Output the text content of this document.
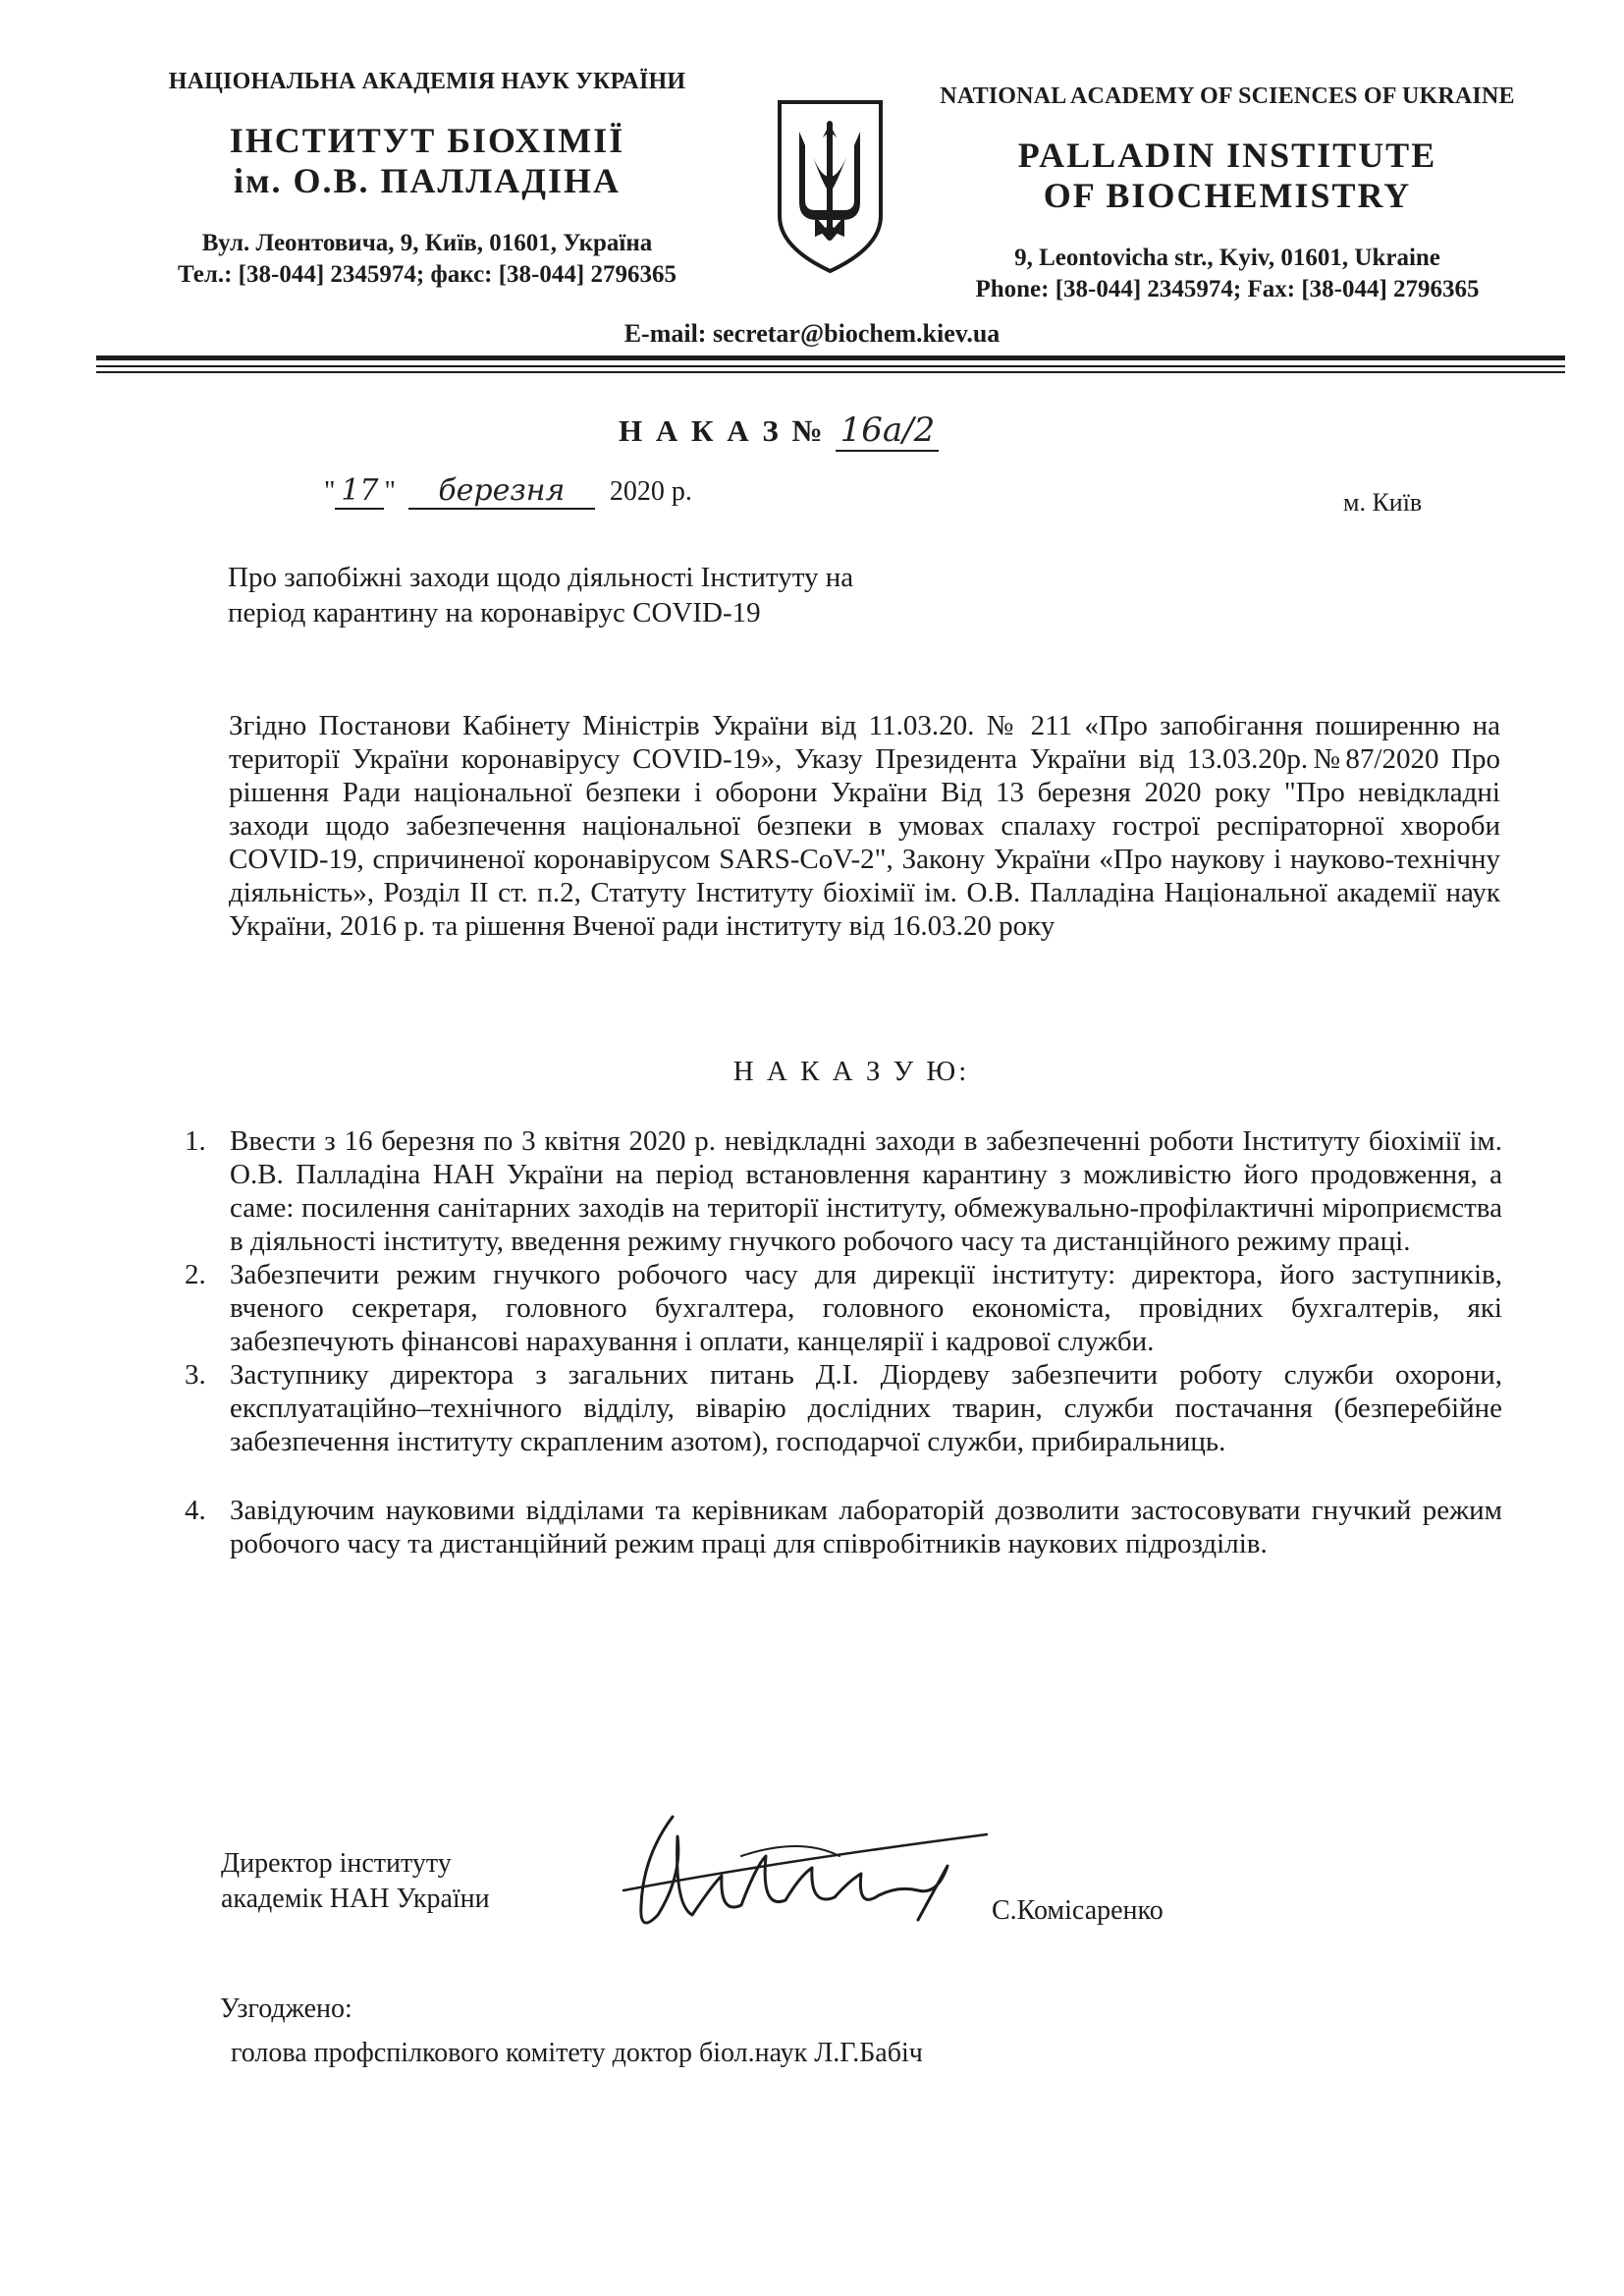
НАЦІОНАЛЬНА АКАДЕМІЯ НАУК УКРАЇНИ
ІНСТИТУТ БІОХІМІЇ
ім. О.В. ПАЛЛАДІНА
Вул. Леонтовича, 9, Київ, 01601, Україна
Тел.: [38-044] 2345974; факс: [38-044] 2796365
NATIONAL ACADEMY OF SCIENCES OF UKRAINE
PALLADIN INSTITUTE
OF BIOCHEMISTRY
9, Leontovicha str., Kyiv, 01601, Ukraine
Phone: [38-044] 2345974; Fax: [38-044] 2796365
E-mail: secretar@biochem.kiev.ua
Н А К А З № 16а/2
" 17 " березня 2020 р.	м. Київ
Про запобіжні заходи щодо діяльності Інституту на
період карантину на коронавірус COVID-19
Згідно Постанови Кабінету Міністрів України від 11.03.20. № 211 «Про запобігання поширенню на території України коронавірусу COVID-19», Указу Президента України від 13.03.20р.№87/2020 Про рішення Ради національної безпеки і оборони України Від 13 березня 2020 року "Про невідкладні заходи щодо забезпечення національної безпеки в умовах спалаху гострої респіраторної хвороби COVID-19, спричиненої коронавірусом SARS-CoV-2", Закону України «Про наукову і науково-технічну діяльність», Розділ ІІ ст. п.2, Статуту Інституту біохімії ім. О.В. Палладіна Національної академії наук України, 2016 р. та рішення Вченої ради інституту від 16.03.20 року
Н А К А З У Ю:
1. Ввести з 16 березня по 3 квітня 2020 р. невідкладні заходи в забезпеченні роботи Інституту біохімії ім. О.В. Палладіна НАН України на період встановлення карантину з можливістю його продовження, а саме: посилення санітарних заходів на території інституту, обмежувально-профілактичні міроприємства в діяльності інституту, введення режиму гнучкого робочого часу та дистанційного режиму праці.
2. Забезпечити режим гнучкого робочого часу для дирекції інституту: директора, його заступників, вченого секретаря, головного бухгалтера, головного економіста, провідних бухгалтерів, які забезпечують фінансові нарахування і оплати, канцелярії і кадрової служби.
3. Заступнику директора з загальних питань Д.І. Діордеву забезпечити роботу служби охорони, експлуатаційно–технічного відділу, віварію дослідних тварин, служби постачання (безперебійне забезпечення інституту скрапленим азотом), господарчої служби, прибиральниць.
4. Завідуючим науковими відділами та керівникам лабораторій дозволити застосовувати гнучкий режим робочого часу та дистанційний режим праці для співробітників наукових підрозділів.
Директор інституту
академік НАН України	С.Комісаренко
Узгоджено:
голова профспілкового комітету доктор біол.наук Л.Г.Бабіч
